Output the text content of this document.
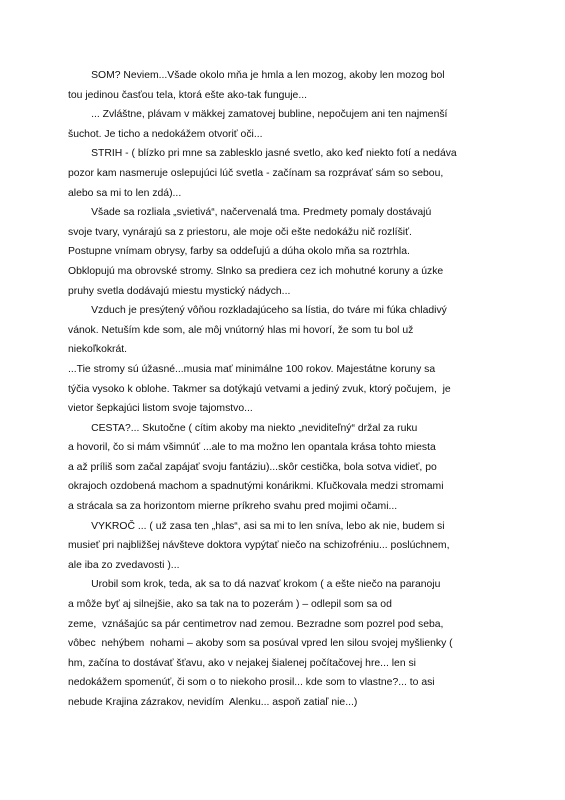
SOM? Neviem...Všade okolo mňa je hmla a len mozog, akoby len mozog bol
tou jedinou časťou tela, ktorá ešte ako-tak funguje...
... Zvláštne, plávam v mäkkej zamatovej bubline, nepočujem ani ten najmenší
šuchot. Je ticho a nedokážem otvoriť oči...
STRIH - ( blízko pri mne sa zablesklo jasné svetlo, ako keď niekto fotí a nedáva
pozor kam nasmeruje oslepujúci lúč svetla - začínam sa rozprávať sám so sebou,
alebo sa mi to len zdá)...
Všade sa rozliala „svietivá“, načervenalá tma. Predmety pomaly dostávajú
svoje tvary, vynárajú sa z priestoru, ale moje oči ešte nedokážu nič rozlíšiť.
Postupne vnímam obrysy, farby sa oddeľujú a dúha okolo mňa sa roztrhla.
Obklopujú ma obrovské stromy. Slnko sa prediera cez ich mohutné koruny a úzke
pruhy svetla dodávajú miestu mystický nádych...
Vzduch je presýtený vôňou rozkladajúceho sa lístia, do tváre mi fúka chladivý
vánok. Netuším kde som, ale môj vnútorný hlas mi hovorí, že som tu bol už
niekoľkokrát.
...Tie stromy sú úžasné...musia mať minimálne 100 rokov. Majestátne koruny sa
týčia vysoko k oblohe. Takmer sa dotýkajú vetvami a jediný zvuk, ktorý počujem,  je
vietor šepkajúci listom svoje tajomstvo...
CESTA?... Skutočne ( cítim akoby ma niekto „neviditeľný“ držal za ruku
a hovoril, čo si mám všimnúť ...ale to ma možno len opantala krása tohto miesta
a až príliš som začal zapájať svoju fantáziu)...skôr cestička, bola sotva vidieť, po
okrajoch ozdobená machom a spadnutými konárikmi. Kľučkovala medzi stromami
a strácala sa za horizontom mierne príkreho svahu pred mojimi očami...
VYKROČ ... ( už zasa ten „hlas“, asi sa mi to len sníva, lebo ak nie, budem si
musieť pri najbližšej návšteve doktora vypýtať niečo na schizofréniu... poslúchnem,
ale iba zo zvedavosti )...
Urobil som krok, teda, ak sa to dá nazvať krokom ( a ešte niečo na paranoju
a môže byť aj silnejšie, ako sa tak na to pozerám ) – odlepil som sa od
zeme,  vznášajúc sa pár centimetrov nad zemou. Bezradne som pozrel pod seba,
vôbec  nehýbem  nohami – akoby som sa posúval vpred len silou svojej myšlienky (
hm, začína to dostávať šťavu, ako v nejakej šialenej počítačovej hre... len si
nedokážem spomenúť, či som o to niekoho prosil... kde som to vlastne?... to asi
nebude Krajina zázrakov, nevidím  Alenku... aspoň zatiaľ nie...)
